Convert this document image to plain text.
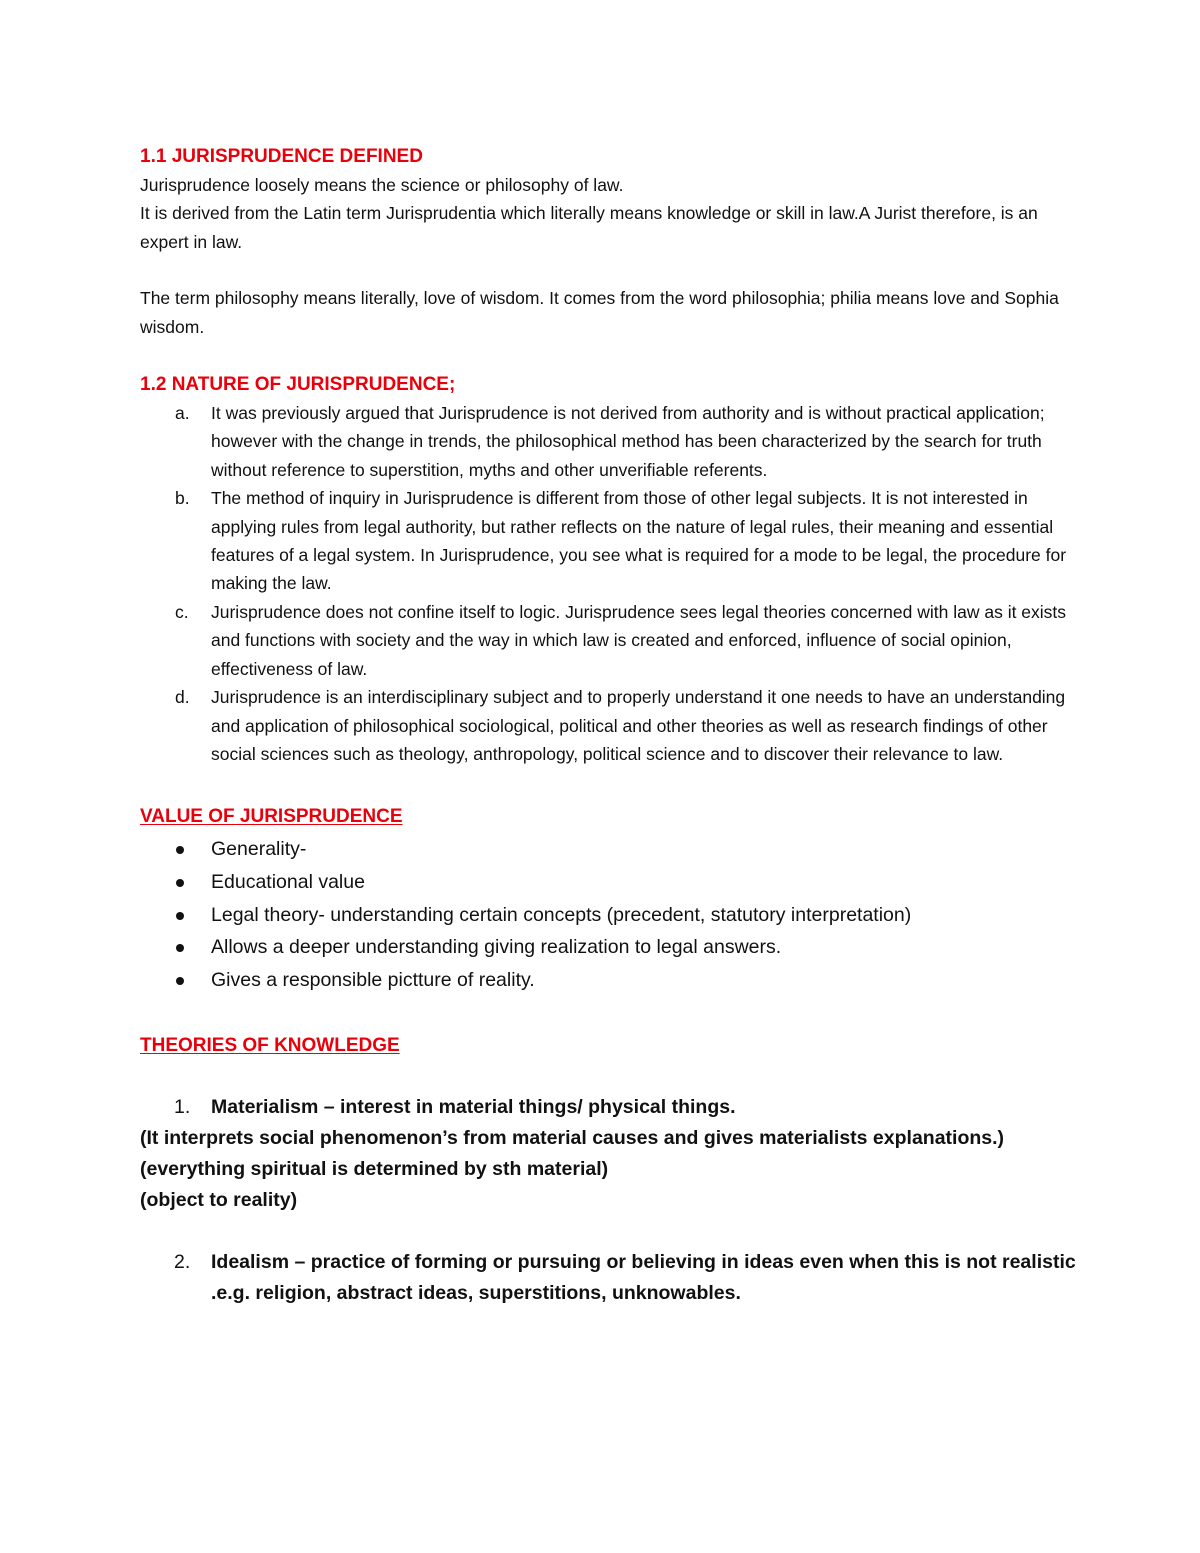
1.1 JURISPRUDENCE DEFINED

Jurisprudence loosely means the science or philosophy of law.

It is derived from the Latin term Jurisprudentia which literally means knowledge or skill in law.A Jurist therefore, is an expert in law.

The term philosophy means literally, love of wisdom. It comes from the word philosophia; philia means love and Sophia wisdom.

1.2 NATURE OF JURISPRUDENCE;

a. It was previously argued that Jurisprudence is not derived from authority and is without practical application; however with the change in trends, the philosophical method has been characterized by the search for truth without reference to superstition, myths and other unverifiable referents.
b. The method of inquiry in Jurisprudence is different from those of other legal subjects. It is not interested in applying rules from legal authority, but rather reflects on the nature of legal rules, their meaning and essential features of a legal system. In Jurisprudence, you see what is required for a mode to be legal, the procedure for making the law.
c. Jurisprudence does not confine itself to logic. Jurisprudence sees legal theories concerned with law as it exists and functions with society and the way in which law is created and enforced, influence of social opinion, effectiveness of law.
d. Jurisprudence is an interdisciplinary subject and to properly understand it one needs to have an understanding and application of philosophical sociological, political and other theories as well as research findings of other social sciences such as theology, anthropology, political science and to discover their relevance to law.

VALUE OF JURISPRUDENCE

Generality-
Educational value
Legal theory- understanding certain concepts (precedent, statutory interpretation)
Allows a deeper understanding giving realization to legal answers.
Gives a responsible pictture of reality.

THEORIES OF KNOWLEDGE

1. Materialism – interest in material things/ physical things.

(It interprets social phenomenon’s from material causes and gives materialists explanations.)

(everything spiritual is determined by sth material)

(object to reality)

2. Idealism – practice of forming or pursuing or believing in ideas even when this is not realistic .e.g. religion, abstract ideas, superstitions, unknowables.
